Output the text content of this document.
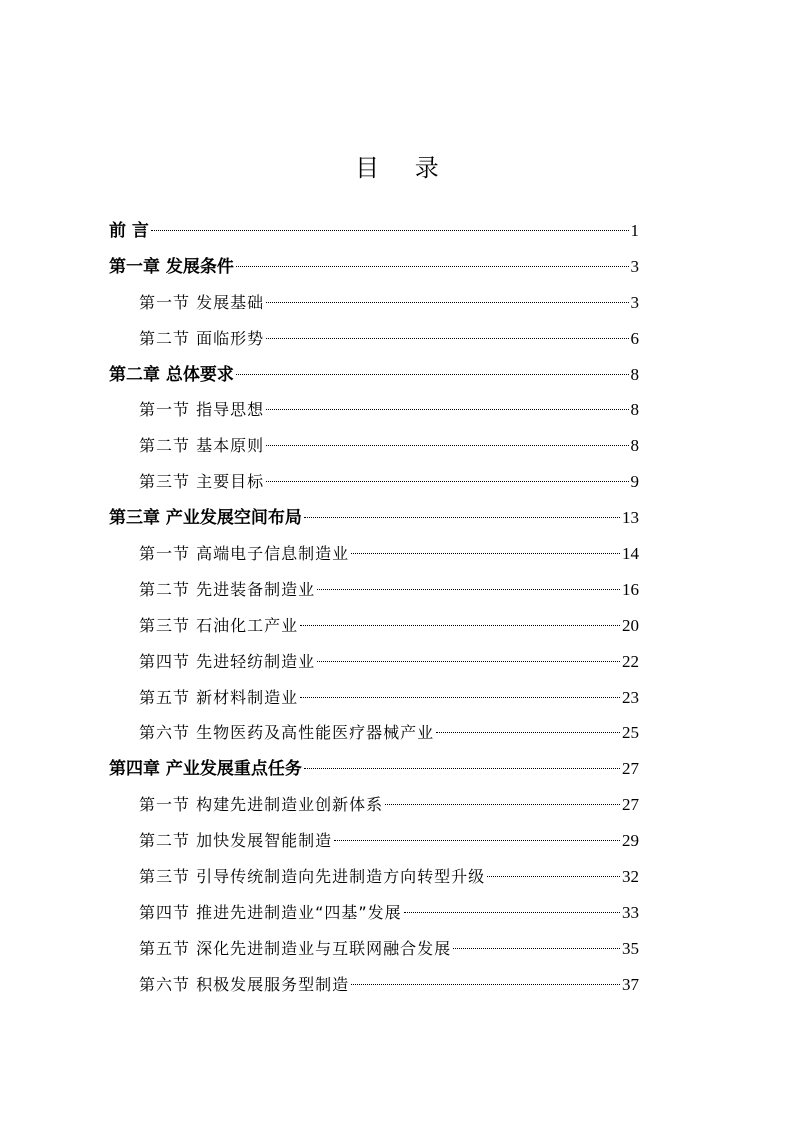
目 录
前 言	1
第一章 发展条件	3
第一节 发展基础	3
第二节 面临形势	6
第二章 总体要求	8
第一节 指导思想	8
第二节 基本原则	8
第三节 主要目标	9
第三章 产业发展空间布局	13
第一节 高端电子信息制造业	14
第二节 先进装备制造业	16
第三节 石油化工产业	20
第四节 先进轻纺制造业	22
第五节 新材料制造业	23
第六节 生物医药及高性能医疗器械产业	25
第四章 产业发展重点任务	27
第一节 构建先进制造业创新体系	27
第二节 加快发展智能制造	29
第三节 引导传统制造向先进制造方向转型升级	32
第四节 推进先进制造业“四基”发展	33
第五节 深化先进制造业与互联网融合发展	35
第六节 积极发展服务型制造	37
